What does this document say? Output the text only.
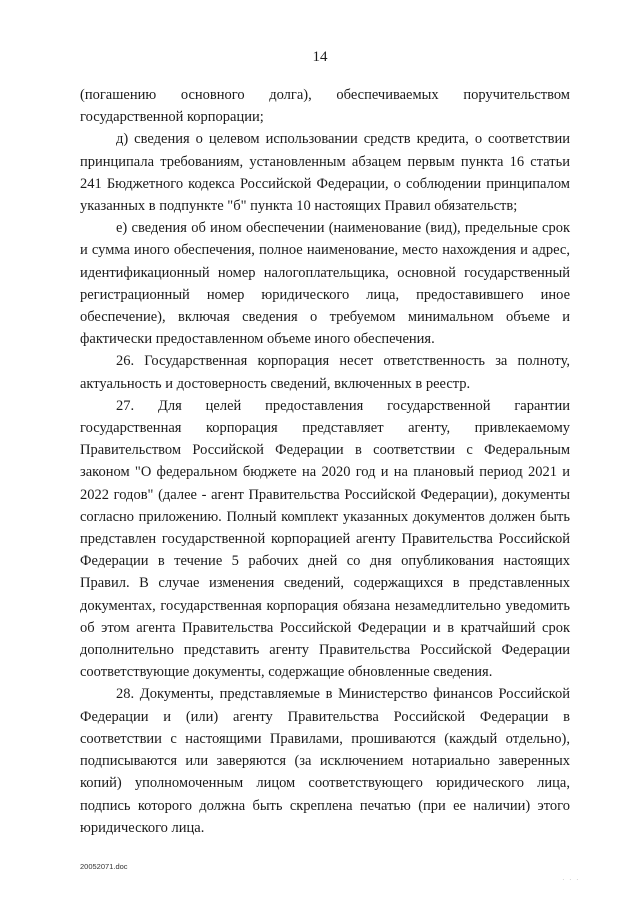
14

(погашению основного долга), обеспечиваемых поручительством государственной корпорации;

д) сведения о целевом использовании средств кредита, о соответствии принципала требованиям, установленным абзацем первым пункта 16 статьи 241 Бюджетного кодекса Российской Федерации, о соблюдении принципалом указанных в подпункте "б" пункта 10 настоящих Правил обязательств;

е) сведения об ином обеспечении (наименование (вид), предельные срок и сумма иного обеспечения, полное наименование, место нахождения и адрес, идентификационный номер налогоплательщика, основной государственный регистрационный номер юридического лица, предоставившего иное обеспечение), включая сведения о требуемом минимальном объеме и фактически предоставленном объеме иного обеспечения.

26. Государственная корпорация несет ответственность за полноту, актуальность и достоверность сведений, включенных в реестр.

27. Для целей предоставления государственной гарантии государственная корпорация представляет агенту, привлекаемому Правительством Российской Федерации в соответствии с Федеральным законом "О федеральном бюджете на 2020 год и на плановый период 2021 и 2022 годов" (далее - агент Правительства Российской Федерации), документы согласно приложению. Полный комплект указанных документов должен быть представлен государственной корпорацией агенту Правительства Российской Федерации в течение 5 рабочих дней со дня опубликования настоящих Правил. В случае изменения сведений, содержащихся в представленных документах, государственная корпорация обязана незамедлительно уведомить об этом агента Правительства Российской Федерации и в кратчайший срок дополнительно представить агенту Правительства Российской Федерации соответствующие документы, содержащие обновленные сведения.

28. Документы, представляемые в Министерство финансов Российской Федерации и (или) агенту Правительства Российской Федерации в соответствии с настоящими Правилами, прошиваются (каждый отдельно), подписываются или заверяются (за исключением нотариально заверенных копий) уполномоченным лицом соответствующего юридического лица, подпись которого должна быть скреплена печатью (при ее наличии) этого юридического лица.

20052071.doc
. . .
